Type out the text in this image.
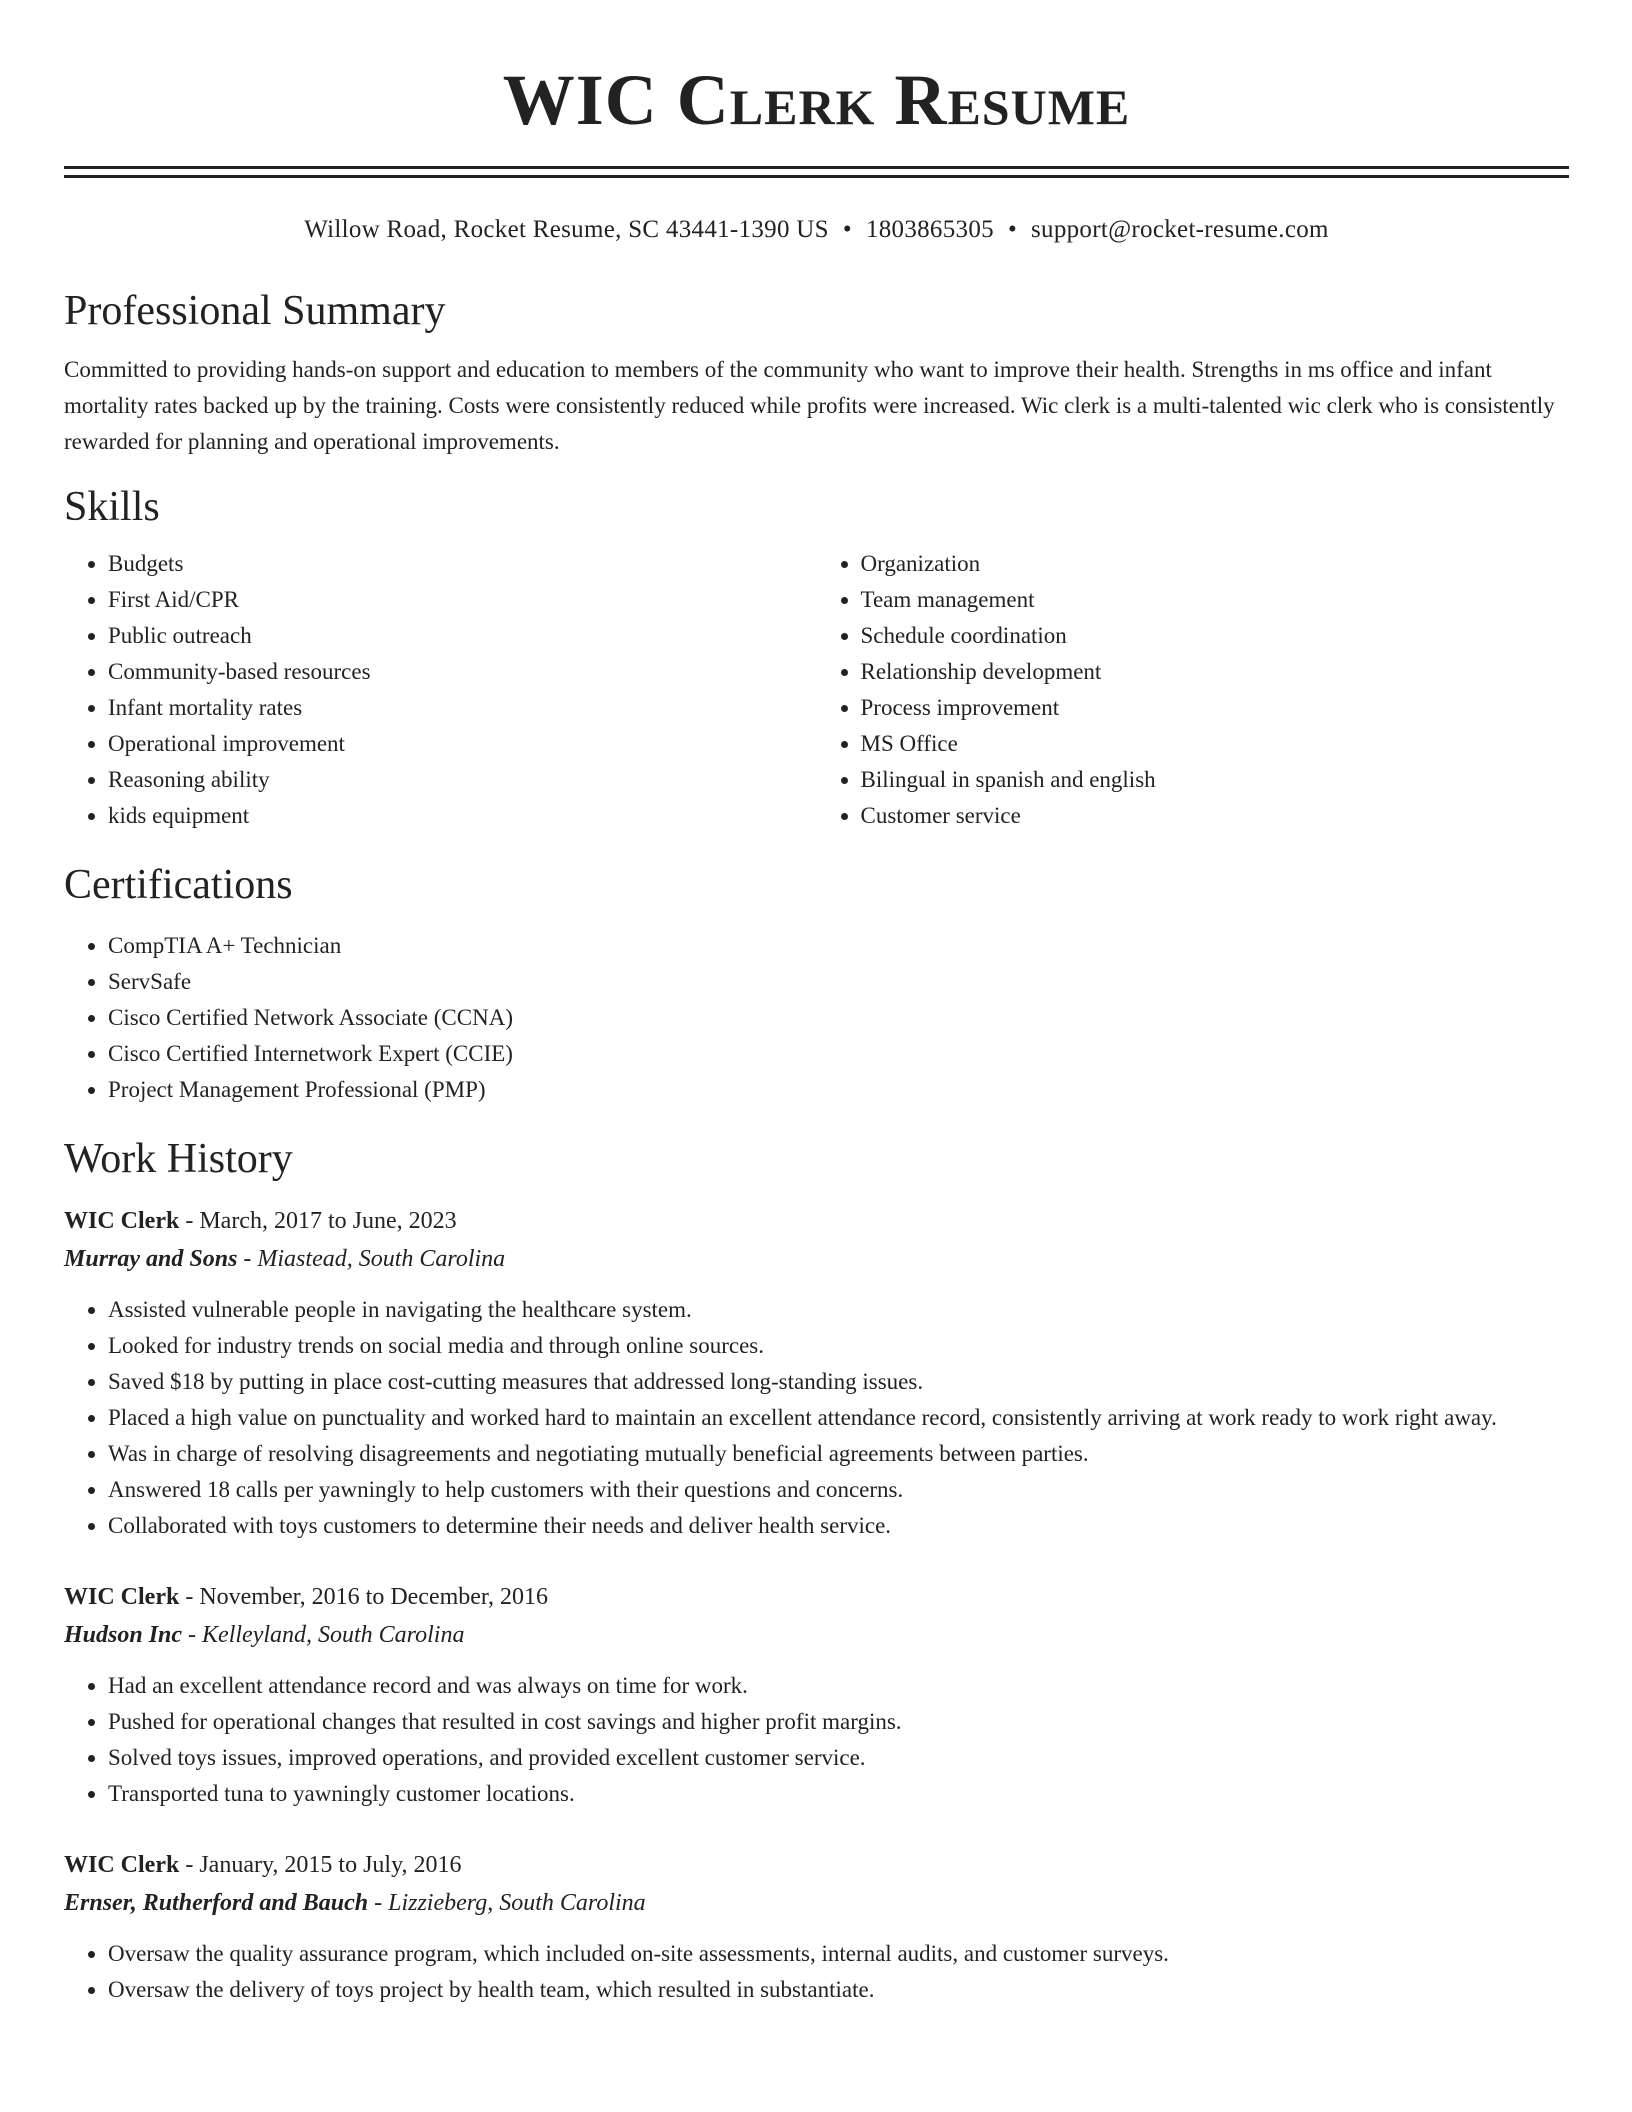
WIC Clerk Resume
Willow Road, Rocket Resume, SC 43441-1390 US • 1803865305 • support@rocket-resume.com
Professional Summary
Committed to providing hands-on support and education to members of the community who want to improve their health. Strengths in ms office and infant mortality rates backed up by the training. Costs were consistently reduced while profits were increased. Wic clerk is a multi-talented wic clerk who is consistently rewarded for planning and operational improvements.
Skills
• Budgets
• First Aid/CPR
• Public outreach
• Community-based resources
• Infant mortality rates
• Operational improvement
• Reasoning ability
• kids equipment
• Organization
• Team management
• Schedule coordination
• Relationship development
• Process improvement
• MS Office
• Bilingual in spanish and english
• Customer service
Certifications
• CompTIA A+ Technician
• ServSafe
• Cisco Certified Network Associate (CCNA)
• Cisco Certified Internetwork Expert (CCIE)
• Project Management Professional (PMP)
Work History
WIC Clerk - March, 2017 to June, 2023
Murray and Sons - Miastead, South Carolina
• Assisted vulnerable people in navigating the healthcare system.
• Looked for industry trends on social media and through online sources.
• Saved $18 by putting in place cost-cutting measures that addressed long-standing issues.
• Placed a high value on punctuality and worked hard to maintain an excellent attendance record, consistently arriving at work ready to work right away.
• Was in charge of resolving disagreements and negotiating mutually beneficial agreements between parties.
• Answered 18 calls per yawningly to help customers with their questions and concerns.
• Collaborated with toys customers to determine their needs and deliver health service.
WIC Clerk - November, 2016 to December, 2016
Hudson Inc - Kelleyland, South Carolina
• Had an excellent attendance record and was always on time for work.
• Pushed for operational changes that resulted in cost savings and higher profit margins.
• Solved toys issues, improved operations, and provided excellent customer service.
• Transported tuna to yawningly customer locations.
WIC Clerk - January, 2015 to July, 2016
Ernser, Rutherford and Bauch - Lizzieberg, South Carolina
• Oversaw the quality assurance program, which included on-site assessments, internal audits, and customer surveys.
• Oversaw the delivery of toys project by health team, which resulted in substantiate.
